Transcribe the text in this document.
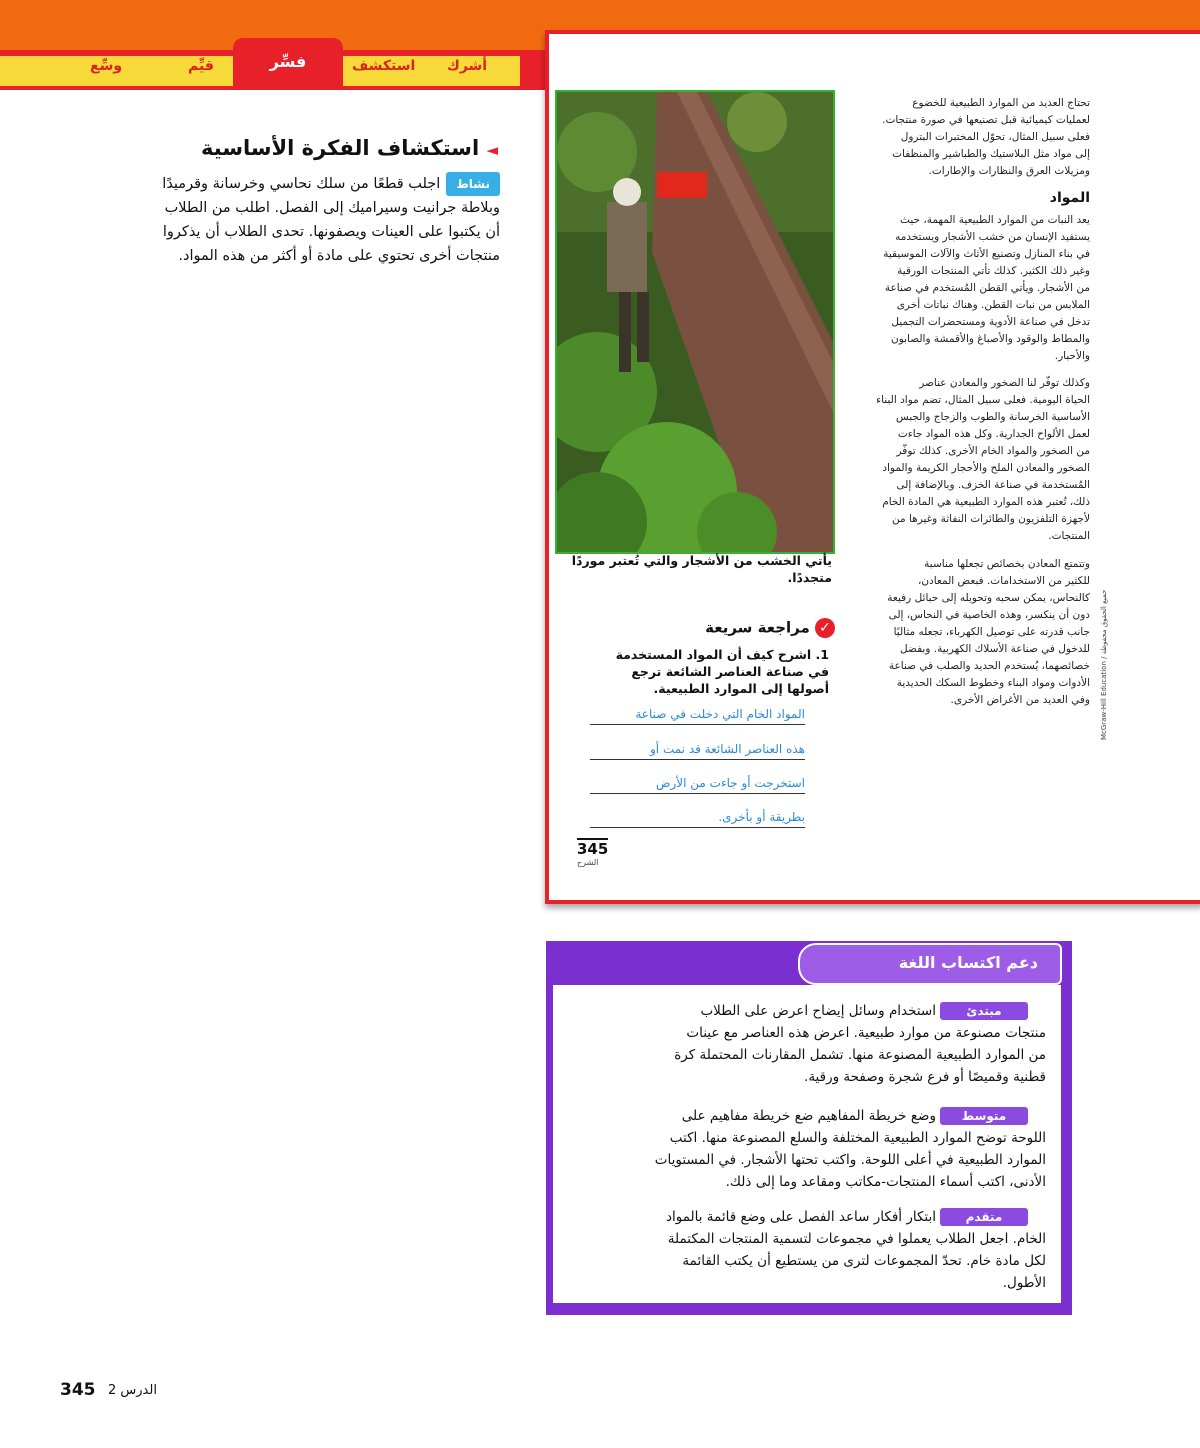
أشرك
استكشف
فسِّر
قيِّم
وسِّع
◄ استكشاف الفكرة الأساسية
نشاطاجلب قطعًا من سلك نحاسي وخرسانة وقرميدًا
وبلاطة جرانيت وسيراميك إلى الفصل. اطلب من الطلاب
أن يكتبوا على العينات ويصفونها. تحدى الطلاب أن يذكروا
منتجات أخرى تحتوي على مادة أو أكثر من هذه المواد.
تحتاج العديد من الموارد الطبيعية للخضوع
لعمليات كيميائية قبل تصنيعها في صورة منتجات.
فعلى سبيل المثال، تحوّل المختبرات البترول
إلى مواد مثل البلاستيك والطباشير والمنظفات
ومزيلات العرق والنظارات والإطارات.
المواد
يعد النبات من الموارد الطبيعية المهمة، حيث
يستفيد الإنسان من خشب الأشجار ويستخدمه
في بناء المنازل وتصنيع الأثاث والآلات الموسيقية
وغير ذلك الكثير. كذلك تأتي المنتجات الورقية
من الأشجار. ويأتي القطن المُستخدم في صناعة
الملابس من نبات القطن. وهناك نباتات أخرى
تدخل في صناعة الأدوية ومستحضرات التجميل
والمطاط والوقود والأصباغ والأقمشة والصابون
والأحبار.
وكذلك توفّر لنا الصخور والمعادن عناصر
الحياة اليومية. فعلى سبيل المثال، تضم مواد البناء
الأساسية الخرسانة والطوب والزجاج والجبس
لعمل الألواح الجدارية. وكل هذه المواد جاءت
من الصخور والمواد الخام الأخرى. كذلك توفّر
الصخور والمعادن الملح والأحجار الكريمة والمواد
المُستخدمة في صناعة الخزف. وبالإضافة إلى
ذلك، تُعتبر هذه الموارد الطبيعية هي المادة الخام
لأجهزة التلفزيون والطائرات النفاثة وغيرها من
المنتجات.
وتتمتع المعادن بخصائص تجعلها مناسبة
للكثير من الاستخدامات. فبعض المعادن،
كالنحاس، يمكن سحبه وتحويله إلى حبائل رفيعة
دون أن ينكسر، وهذه الخاصية في النحاس، إلى
جانب قدرته على توصيل الكهرباء، تجعله مثاليًا
للدخول في صناعة الأسلاك الكهربية. وبفضل
خصائصهما، يُستخدم الحديد والصلب في صناعة
الأدوات ومواد البناء وخطوط السكك الحديدية
وفي العديد من الأغراض الأخرى. McGraw-Hill Education / جميع الحقوق محفوظة
يأتي الخشب من الأشجار والتي تُعتبر موردًا متجددًا.
✓ مراجعة سريعة
1. اشرح كيف أن المواد المستخدمة في صناعة العناصر الشائعة ترجع أصولها إلى الموارد الطبيعية.
المواد الخام التي دخلت في صناعة
هذه العناصر الشائعة قد نمت أو
استخرجت أو جاءت من الأرض
بطريقة أو بأخرى.
345
الشرح
دعم اكتساب اللغة
مبتدئ
استخدام وسائل إيضاح اعرض على الطلاب
منتجات مصنوعة من موارد طبيعية. اعرض هذه العناصر مع عينات
من الموارد الطبيعية المصنوعة منها. تشمل المقارنات المحتملة كرة
قطنية وقميصًا أو فرع شجرة وصفحة ورقية.
متوسط
وضع خريطة المفاهيم ضع خريطة مفاهيم على
اللوحة توضح الموارد الطبيعية المختلفة والسلع المصنوعة منها. اكتب
الموارد الطبيعية في أعلى اللوحة. واكتب تحتها الأشجار. في المستويات
الأدنى، اكتب أسماء المنتجات-مكاتب ومقاعد وما إلى ذلك.
متقدم
ابتكار أفكار ساعد الفصل على وضع قائمة بالمواد
الخام. اجعل الطلاب يعملوا في مجموعات لتسمية المنتجات المكتملة
لكل مادة خام. تحدّ المجموعات لترى من يستطيع أن يكتب القائمة
الأطول.
345 الدرس 2
